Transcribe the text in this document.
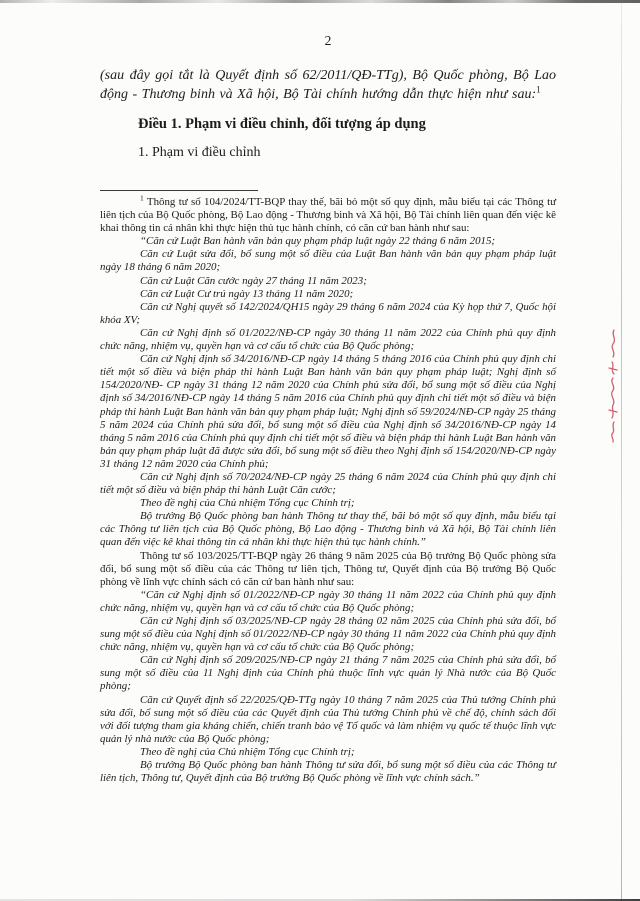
2

(sau đây gọi tắt là Quyết định số 62/2011/QĐ-TTg), Bộ Quốc phòng, Bộ Lao động - Thương binh và Xã hội, Bộ Tài chính hướng dẫn thực hiện như sau:$^1$

Điều 1. Phạm vi điều chỉnh, đối tượng áp dụng

1. Phạm vi điều chỉnh

$^1$ Thông tư số 104/2024/TT-BQP thay thế, bãi bỏ một số quy định, mẫu biểu tại các Thông tư liên tịch của Bộ Quốc phòng, Bộ Lao động - Thương binh và Xã hội, Bộ Tài chính liên quan đến việc kê khai thông tin cá nhân khi thực hiện thủ tục hành chính, có căn cứ ban hành như sau:

“Căn cứ Luật Ban hành văn bản quy phạm pháp luật ngày 22 tháng 6 năm 2015;

Căn cứ Luật sửa đổi, bổ sung một số điều của Luật Ban hành văn bản quy phạm pháp luật ngày 18 tháng 6 năm 2020;

Căn cứ Luật Căn cước ngày 27 tháng 11 năm 2023;

Căn cứ Luật Cư trú ngày 13 tháng 11 năm 2020;

Căn cứ Nghị quyết số 142/2024/QH15 ngày 29 tháng 6 năm 2024 của Kỳ họp thứ 7, Quốc hội khóa XV;

Căn cứ Nghị định số 01/2022/NĐ-CP ngày 30 tháng 11 năm 2022 của Chính phủ quy định chức năng, nhiệm vụ, quyền hạn và cơ cấu tổ chức của Bộ Quốc phòng;

Căn cứ Nghị định số 34/2016/NĐ-CP ngày 14 tháng 5 tháng 2016 của Chính phủ quy định chi tiết một số điều và biện pháp thi hành Luật Ban hành văn bản quy phạm pháp luật; Nghị định số 154/2020/NĐ- CP ngày 31 tháng 12 năm 2020 của Chính phủ sửa đổi, bổ sung một số điều của Nghị định số 34/2016/NĐ-CP ngày 14 tháng 5 năm 2016 của Chính phủ quy định chi tiết một số điều và biện pháp thi hành Luật Ban hành văn bản quy phạm pháp luật; Nghị định số 59/2024/NĐ-CP ngày 25 tháng 5 năm 2024 của Chính phủ sửa đổi, bổ sung một số điều của Nghị định số 34/2016/NĐ-CP ngày 14 tháng 5 năm 2016 của Chính phủ quy định chi tiết một số điều và biện pháp thi hành Luật Ban hành văn bản quy phạm pháp luật đã được sửa đổi, bổ sung một số điều theo Nghị định số 154/2020/NĐ-CP ngày 31 tháng 12 năm 2020 của Chính phủ;

Căn cứ Nghị định số 70/2024/NĐ-CP ngày 25 tháng 6 năm 2024 của Chính phủ quy định chi tiết một số điều và biện pháp thi hành Luật Căn cước;

Theo đề nghị của Chủ nhiệm Tổng cục Chính trị;

Bộ trưởng Bộ Quốc phòng ban hành Thông tư thay thế, bãi bỏ một số quy định, mẫu biểu tại các Thông tư liên tịch của Bộ Quốc phòng, Bộ Lao động - Thương binh và Xã hội, Bộ Tài chính liên quan đến việc kê khai thông tin cá nhân khi thực hiện thủ tục hành chính.”

Thông tư số 103/2025/TT-BQP ngày 26 tháng 9 năm 2025 của Bộ trưởng Bộ Quốc phòng sửa đổi, bổ sung một số điều của các Thông tư liên tịch, Thông tư, Quyết định của Bộ trưởng Bộ Quốc phòng về lĩnh vực chính sách có căn cứ ban hành như sau:

“Căn cứ Nghị định số 01/2022/NĐ-CP ngày 30 tháng 11 năm 2022 của Chính phủ quy định chức năng, nhiệm vụ, quyền hạn và cơ cấu tổ chức của Bộ Quốc phòng;

Căn cứ Nghị định số 03/2025/NĐ-CP ngày 28 tháng 02 năm 2025 của Chính phủ sửa đổi, bổ sung một số điều của Nghị định số 01/2022/NĐ-CP ngày 30 tháng 11 năm 2022 của Chính phủ quy định chức năng, nhiệm vụ, quyền hạn và cơ cấu tổ chức của Bộ Quốc phòng;

Căn cứ Nghị định số 209/2025/NĐ-CP ngày 21 tháng 7 năm 2025 của Chính phủ sửa đổi, bổ sung một số điều của 11 Nghị định của Chính phủ thuộc lĩnh vực quản lý Nhà nước của Bộ Quốc phòng;

Căn cứ Quyết định số 22/2025/QĐ-TTg ngày 10 tháng 7 năm 2025 của Thủ tướng Chính phủ sửa đổi, bổ sung một số điều của các Quyết định của Thủ tướng Chính phủ về chế độ, chính sách đối với đối tượng tham gia kháng chiến, chiến tranh bảo vệ Tổ quốc và làm nhiệm vụ quốc tế thuộc lĩnh vực quản lý nhà nước của Bộ Quốc phòng;

Theo đề nghị của Chủ nhiệm Tổng cục Chính trị;

Bộ trưởng Bộ Quốc phòng ban hành Thông tư sửa đổi, bổ sung một số điều của các Thông tư liên tịch, Thông tư, Quyết định của Bộ trưởng Bộ Quốc phòng về lĩnh vực chính sách.”
